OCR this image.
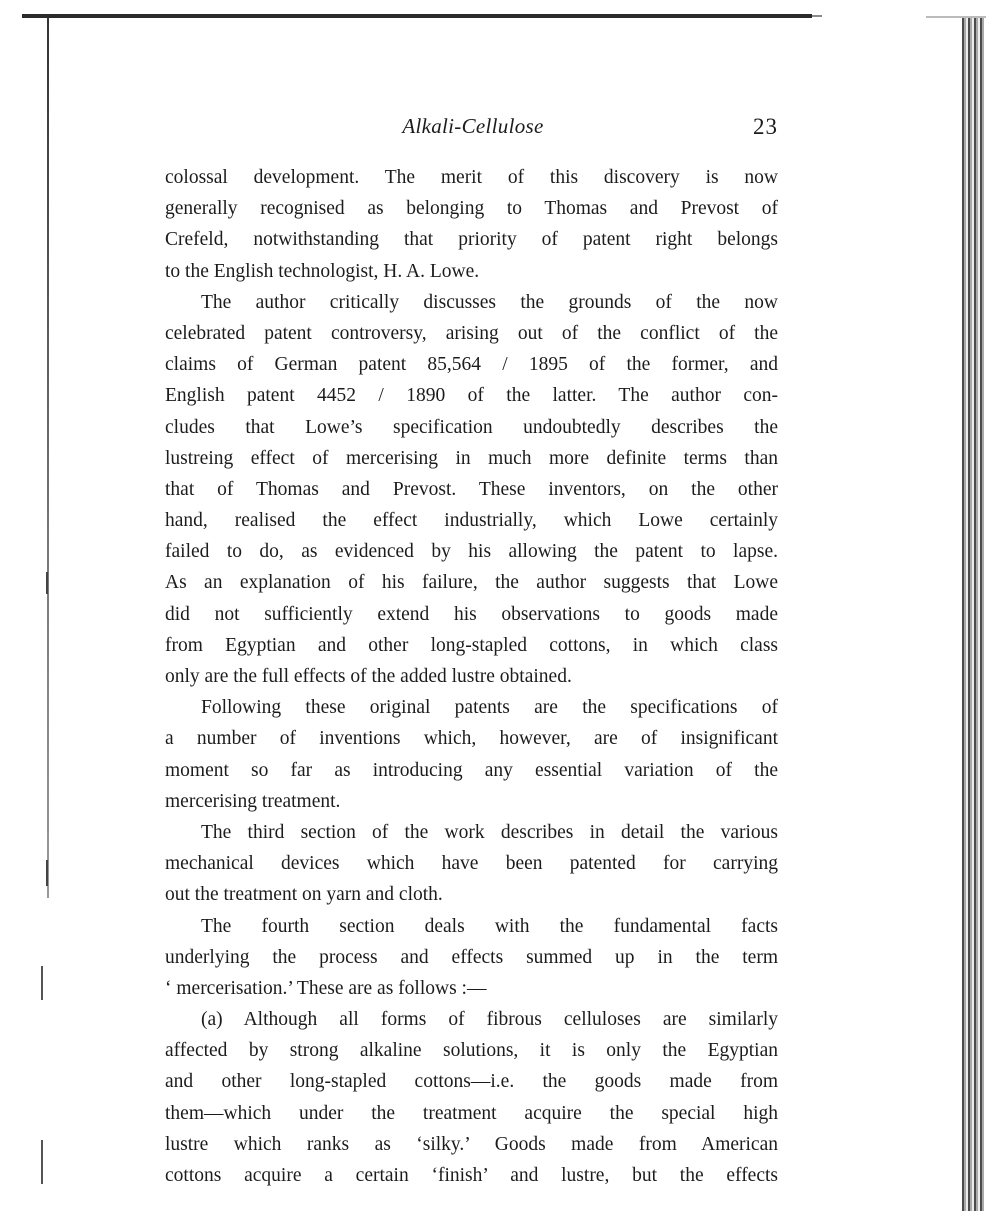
Alkali-Cellulose	23
colossal development. The merit of this discovery is now
generally recognised as belonging to Thomas and Prevost of
Crefeld, notwithstanding that priority of patent right belongs
to the English technologist, H. A. Lowe.
The author critically discusses the grounds of the now
celebrated patent controversy, arising out of the conflict of the
claims of German patent 85,564 / 1895 of the former, and
English patent 4452 / 1890 of the latter. The author con-
cludes that Lowe’s specification undoubtedly describes the
lustreing effect of mercerising in much more definite terms than
that of Thomas and Prevost. These inventors, on the other
hand, realised the effect industrially, which Lowe certainly
failed to do, as evidenced by his allowing the patent to lapse.
As an explanation of his failure, the author suggests that Lowe
did not sufficiently extend his observations to goods made
from Egyptian and other long-stapled cottons, in which class
only are the full effects of the added lustre obtained.
Following these original patents are the specifications of
a number of inventions which, however, are of insignificant
moment so far as introducing any essential variation of the
mercerising treatment.
The third section of the work describes in detail the various
mechanical devices which have been patented for carrying
out the treatment on yarn and cloth.
The fourth section deals with the fundamental facts
underlying the process and effects summed up in the term
‘ mercerisation.’ These are as follows :—
(a) Although all forms of fibrous celluloses are similarly
affected by strong alkaline solutions, it is only the Egyptian
and other long-stapled cottons—i.e. the goods made from
them—which under the treatment acquire the special high
lustre which ranks as ‘silky.’ Goods made from American
cottons acquire a certain ‘finish’ and lustre, but the effects
